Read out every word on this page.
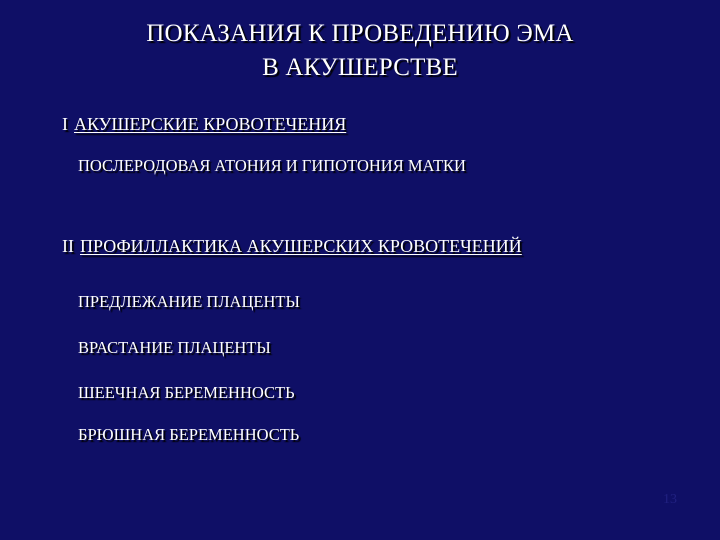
ПОКАЗАНИЯ К ПРОВЕДЕНИЮ ЭМА
В АКУШЕРСТВЕ
I АКУШЕРСКИЕ КРОВОТЕЧЕНИЯ
ПОСЛЕРОДОВАЯ АТОНИЯ И ГИПОТОНИЯ МАТКИ
II ПРОФИЛЛАКТИКА АКУШЕРСКИХ КРОВОТЕЧЕНИЙ
ПРЕДЛЕЖАНИЕ ПЛАЦЕНТЫ
ВРАСТАНИЕ ПЛАЦЕНТЫ
ШЕЕЧНАЯ БЕРЕМЕННОСТЬ
БРЮШНАЯ БЕРЕМЕННОСТЬ
13
